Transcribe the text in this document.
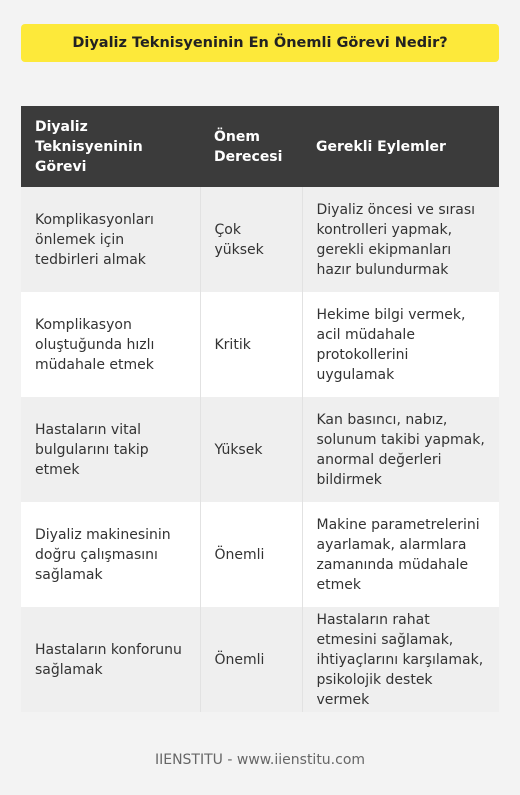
Diyaliz Teknisyeninin En Önemli Görevi Nedir?
Diyaliz Teknisyeninin Görevi	Önem Derecesi	Gerekli Eylemler
Komplikasyonları önlemek için tedbirleri almak	Çok yüksek	Diyaliz öncesi ve sırası kontrolleri yapmak, gerekli ekipmanları hazır bulundurmak
Komplikasyon oluştuğunda hızlı müdahale etmek	Kritik	Hekime bilgi vermek, acil müdahale protokollerini uygulamak
Hastaların vital bulgularını takip etmek	Yüksek	Kan basıncı, nabız, solunum takibi yapmak, anormal değerleri bildirmek
Diyaliz makinesinin doğru çalışmasını sağlamak	Önemli	Makine parametrelerini ayarlamak, alarmlara zamanında müdahale etmek
Hastaların konforunu sağlamak	Önemli	Hastaların rahat etmesini sağlamak, ihtiyaçlarını karşılamak, psikolojik destek vermek
IIENSTITU - www.iienstitu.com
